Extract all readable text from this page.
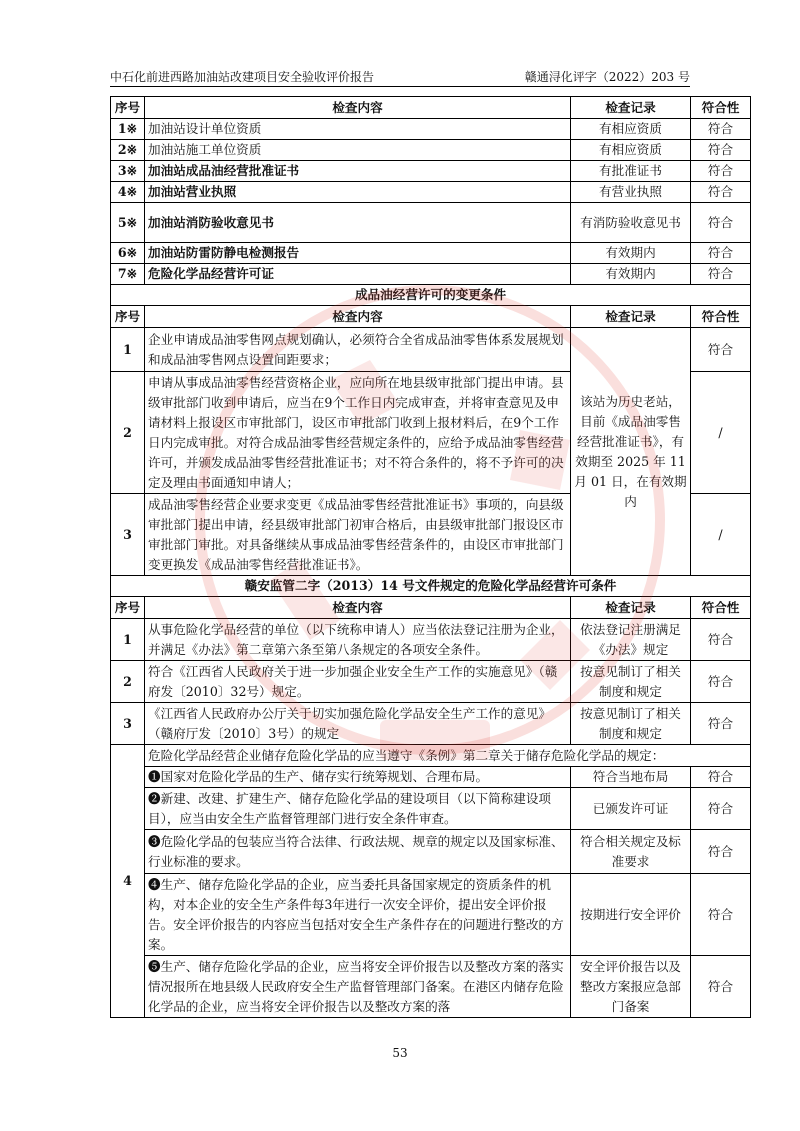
中石化前进西路加油站改建项目安全验收评价报告	赣通浔化评字（2022）203 号
序号	检查内容	检查记录	符合性
1※	加油站设计单位资质	有相应资质	符合
2※	加油站施工单位资质	有相应资质	符合
3※	加油站成品油经营批准证书	有批准证书	符合
4※	加油站营业执照	有营业执照	符合
5※	加油站消防验收意见书	有消防验收意见书	符合
6※	加油站防雷防静电检测报告	有效期内	符合
7※	危险化学品经营许可证	有效期内	符合
成品油经营许可的变更条件			
序号	检查内容	检查记录	符合性
1	企业申请成品油零售网点规划确认，必须符合全省成品油零售体系发展规划和成品油零售网点设置间距要求；	该站为历史老站，目前《成品油零售经营批准证书》，有效期至 2025 年 11 月 01 日，在有效期内	符合
2	申请从事成品油零售经营资格企业，应向所在地县级审批部门提出申请。县级审批部门收到申请后，应当在9个工作日内完成审查，并将审查意见及申请材料上报设区市审批部门，设区市审批部门收到上报材料后，在9个工作日内完成审批。对符合成品油零售经营规定条件的，应给予成品油零售经营许可，并颁发成品油零售经营批准证书；对不符合条件的，将不予许可的决定及理由书面通知申请人；		/
3	成品油零售经营企业要求变更《成品油零售经营批准证书》事项的，向县级审批部门提出申请，经县级审批部门初审合格后，由县级审批部门报设区市审批部门审批。对具备继续从事成品油零售经营条件的，由设区市审批部门变更换发《成品油零售经营批准证书》。		/
赣安监管二字（2013）14 号文件规定的危险化学品经营许可条件			
序号	检查内容	检查记录	符合性
1	从事危险化学品经营的单位（以下统称申请人）应当依法登记注册为企业，并满足《办法》第二章第六条至第八条规定的各项安全条件。	依法登记注册满足《办法》规定	符合
2	符合《江西省人民政府关于进一步加强企业安全生产工作的实施意见》（赣府发〔2010〕32号）规定。	按意见制订了相关制度和规定	符合
3	《江西省人民政府办公厅关于切实加强危险化学品安全生产工作的意见》（赣府厅发〔2010〕3号）的规定	按意见制订了相关制度和规定	符合
4	危险化学品经营企业储存危险化学品的应当遵守《条例》第二章关于储存危险化学品的规定：		
	❶国家对危险化学品的生产、储存实行统筹规划、合理布局。	符合当地布局	符合
	❷新建、改建、扩建生产、储存危险化学品的建设项目（以下简称建设项目），应当由安全生产监督管理部门进行安全条件审查。	已颁发许可证	符合
	❸危险化学品的包装应当符合法律、行政法规、规章的规定以及国家标准、行业标准的要求。	符合相关规定及标准要求	符合
	❹生产、储存危险化学品的企业，应当委托具备国家规定的资质条件的机构，对本企业的安全生产条件每3年进行一次安全评价，提出安全评价报告。安全评价报告的内容应当包括对安全生产条件存在的问题进行整改的方案。	按期进行安全评价	符合
	❺生产、储存危险化学品的企业，应当将安全评价报告以及整改方案的落实情况报所在地县级人民政府安全生产监督管理部门备案。在港区内储存危险化学品的企业，应当将安全评价报告以及整改方案的落	安全评价报告以及整改方案报应急部门备案	符合
53
